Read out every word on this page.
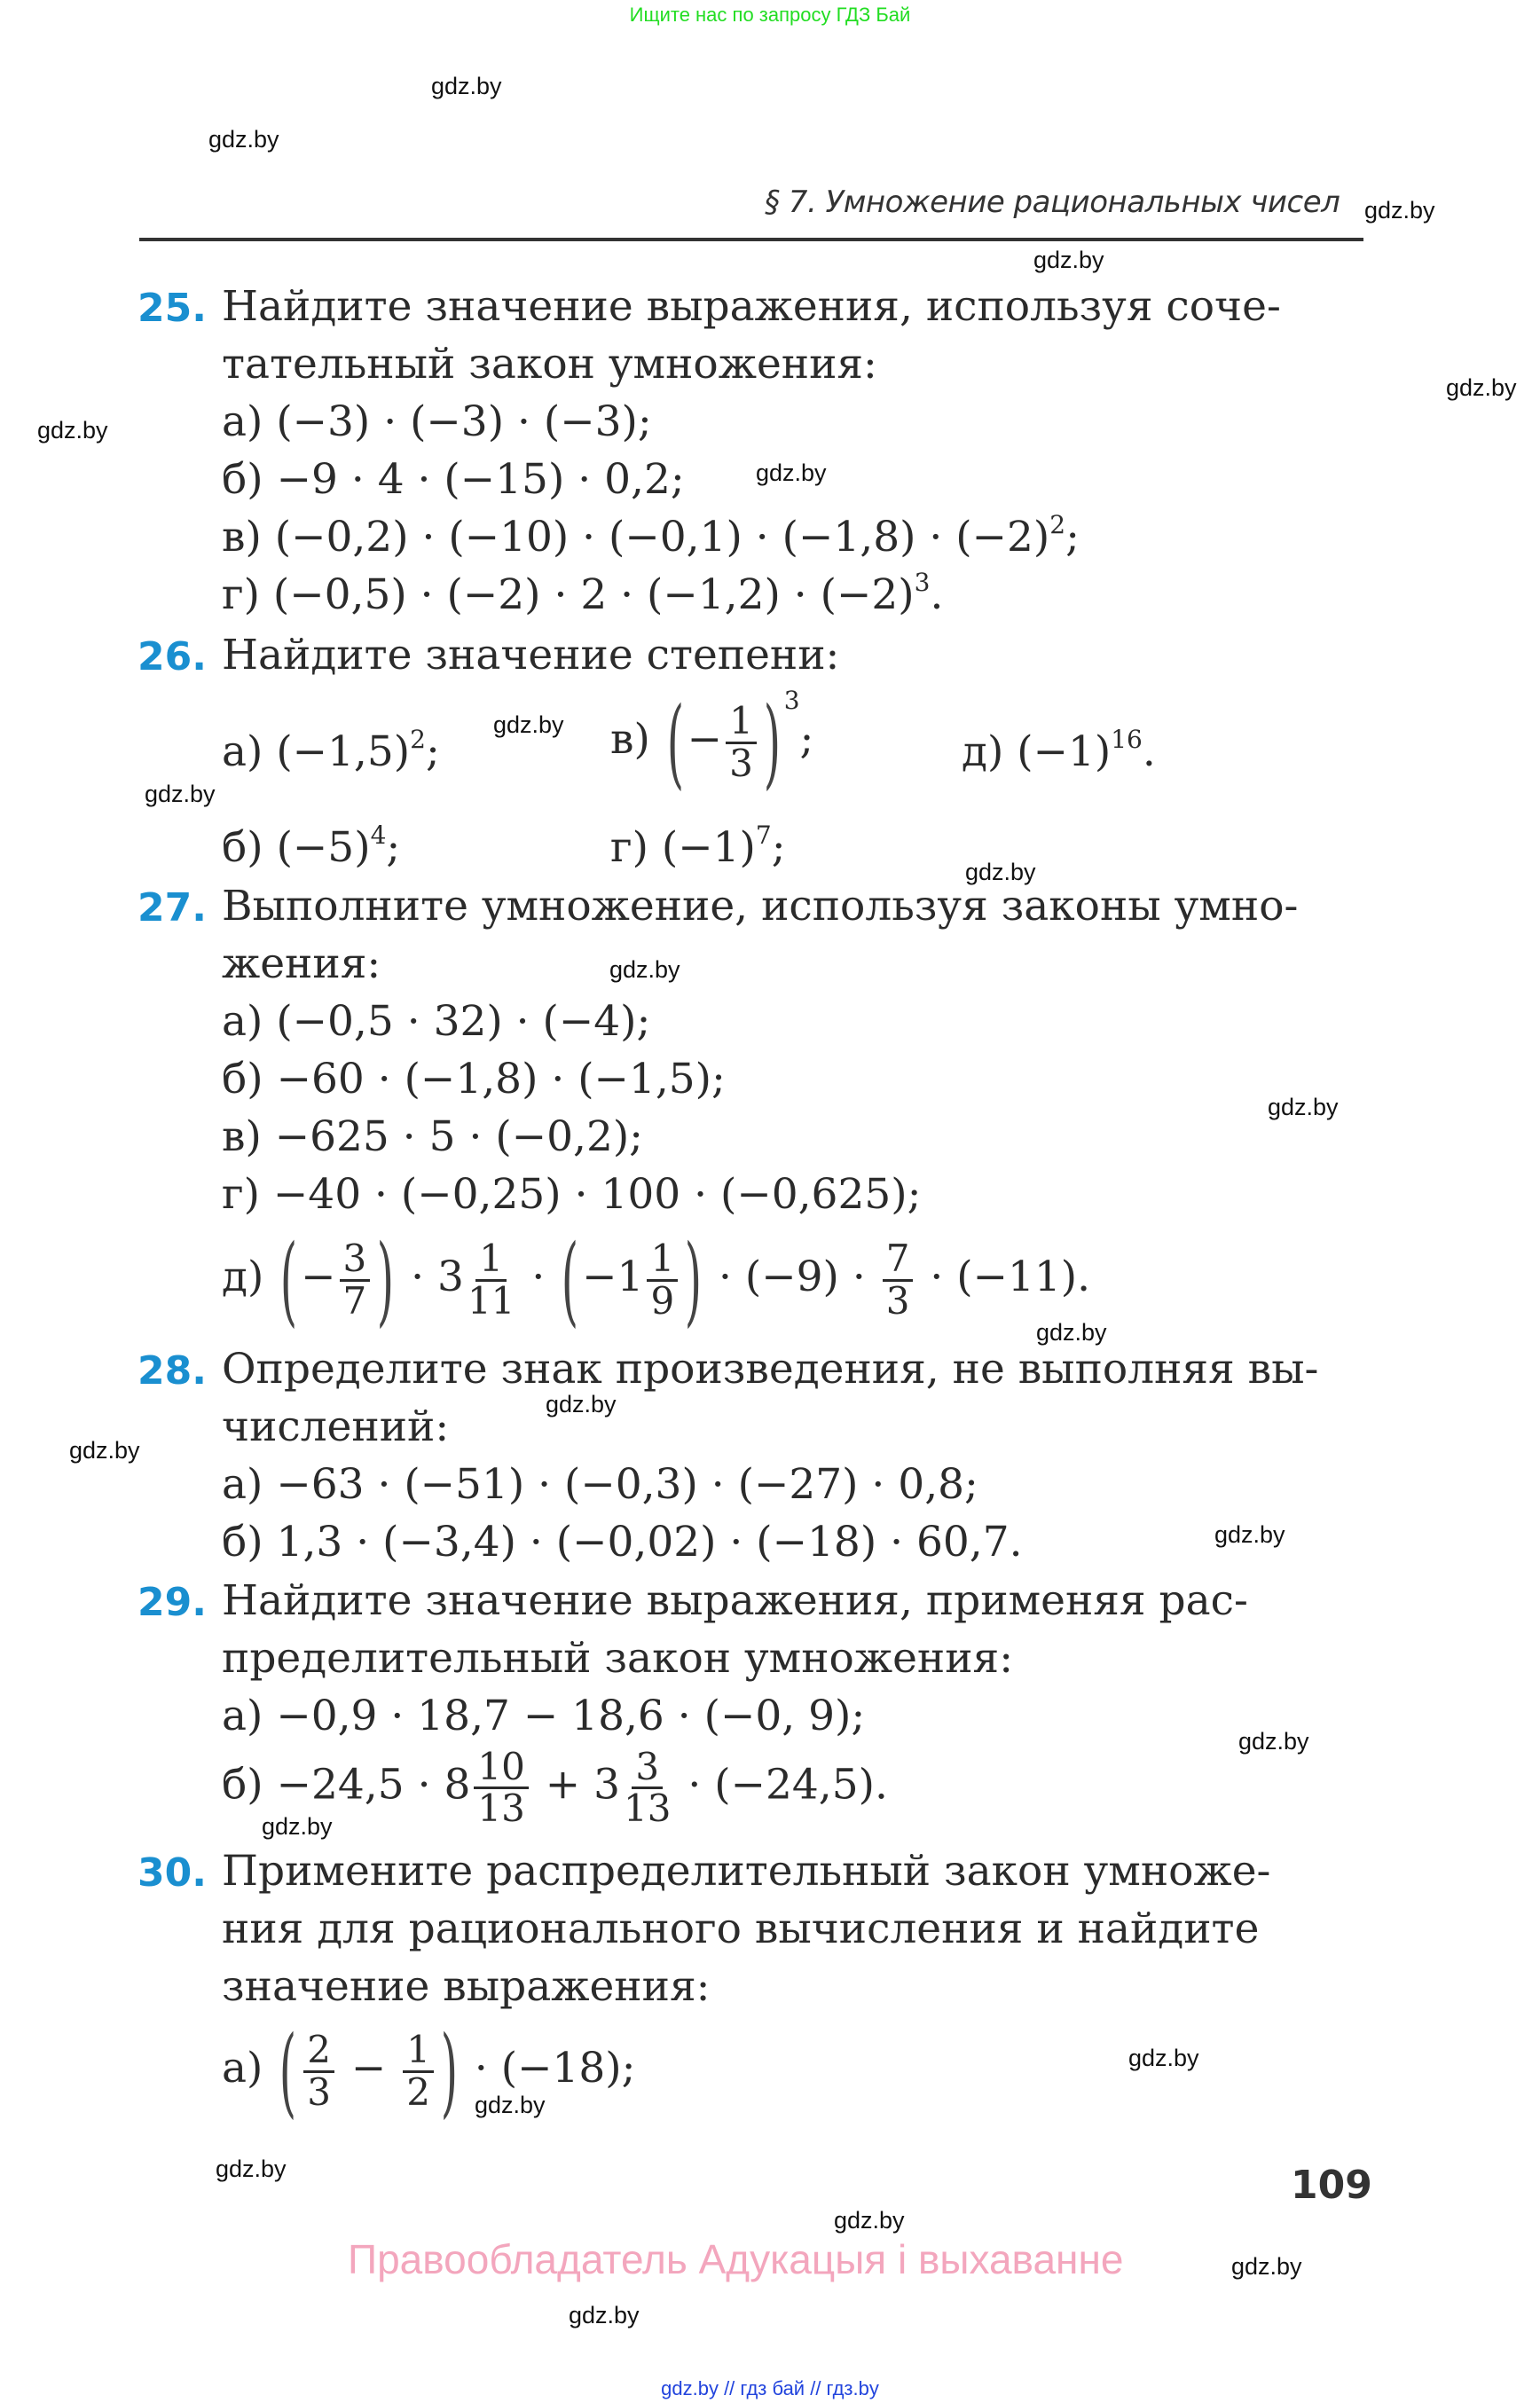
Ищите нас по запросу ГДЗ Бай
gdz.by
gdz.by
gdz.by
gdz.by
gdz.by
gdz.by
gdz.by
gdz.by
gdz.by
gdz.by
gdz.by
gdz.by
gdz.by
gdz.by
gdz.by
gdz.by
gdz.by
gdz.by
gdz.by
gdz.by
gdz.by
gdz.by
gdz.by
gdz.by
§ 7. Умножение рациональных чисел
25. Найдите значение выражения, используя соче-
тательный закон умножения:
а) (−3) · (−3) · (−3);
б) −9 · 4 · (−15) · 0,2;
в) $(-0,2) \cdot (-10) \cdot (-0,1) \cdot (-1,8) \cdot (-2)^2$;
г) $(-0,5) \cdot (-2) \cdot 2 \cdot (-1,2) \cdot (-2)^3$.
26. Найдите значение степени:
а) $(-1,5)^2$;	в) (− $\frac{1}{3}$ ) $^3$;	д) $(-1)^{16}$.
б) $(-5)^4$;	г) $(-1)^7$;
27. Выполните умножение, используя законы умно-
жения:
а) (−0,5 · 32) · (−4);
б) −60 · (−1,8) · (−1,5);
в) −625 · 5 · (−0,2);
г) −40 · (−0,25) · 100 · (−0,625);
д) (− $\frac{3}{7}$ ) · $3 \frac{1}{11} \cdot (-1 \frac{1}{9}$ ) · $(-9) \cdot \frac{7}{3} \cdot (-11)$.
28. Определите знак произведения, не выполняя вы-
числений:
а) −63 · (−51) · (−0,3) · (−27) · 0,8;
б) 1,3 · (−3,4) · (−0,02) · (−18) · 60,7.
29. Найдите значение выражения, применяя рас-
пределительный закон умножения:
а) −0,9 · 18,7 − 18,6 · (−0, 9);
$б) -24,5 \cdot 8 \frac{10}{13} + 3 \frac{3}{13} \cdot (-24,5)$.
30. Примените распределительный закон умноже-
ния для рационального вычисления и найдите
значение выражения:
а) ( $\frac{2}{3} - \frac{1}{2}$ ) · (−18);
109
Правообладатель Адукацыя і выхаванне
gdz.by // гдз бай // гдз.by
